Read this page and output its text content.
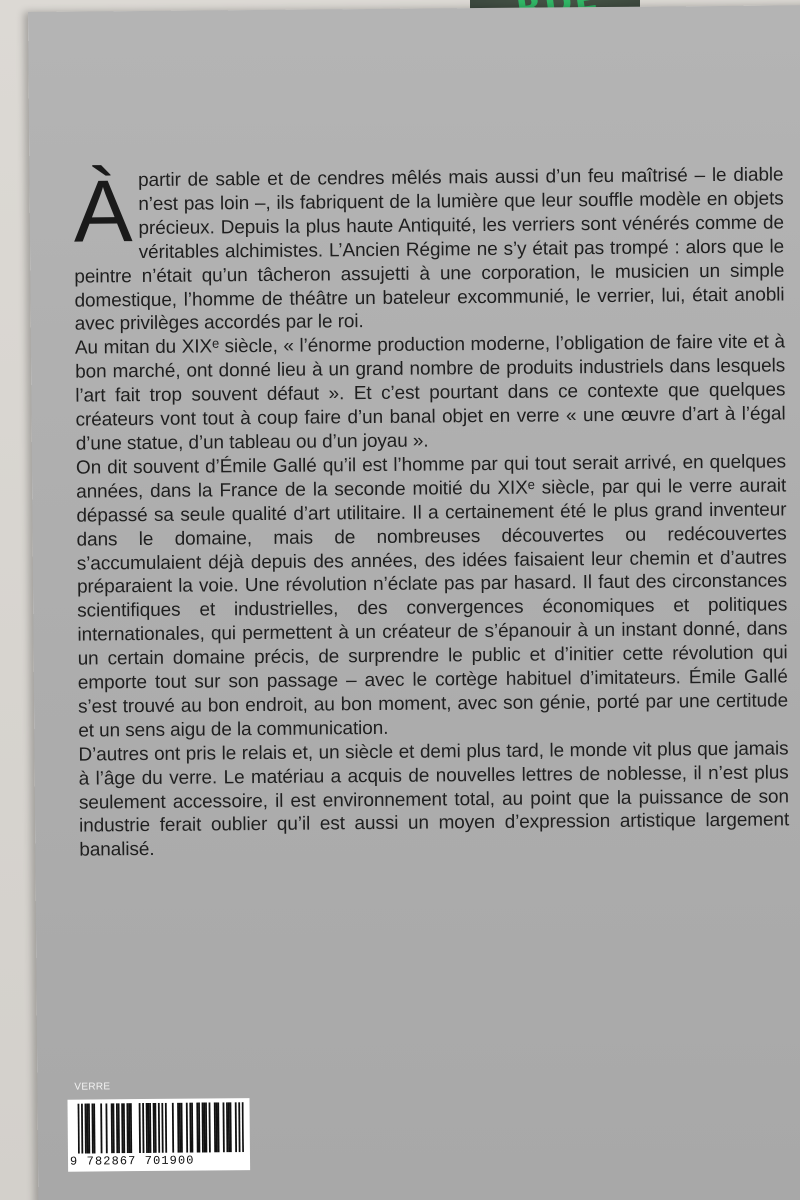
À partir de sable et de cendres mêlés mais aussi d’un feu maîtrisé – le diable n’est pas loin –, ils fabriquent de la lumière que leur souffle modèle en objets précieux. Depuis la plus haute Antiquité, les verriers sont vénérés comme de véritables alchimistes. L’Ancien Régime ne s’y était pas trompé : alors que le peintre n’était qu’un tâcheron assujetti à une corporation, le musicien un simple domestique, l’homme de théâtre un bateleur excommunié, le verrier, lui, était anobli avec privilèges accordés par le roi.

Au mitan du XIXᵉ siècle, « l’énorme production moderne, l’obligation de faire vite et à bon marché, ont donné lieu à un grand nombre de produits industriels dans lesquels l’art fait trop souvent défaut ». Et c’est pourtant dans ce contexte que quelques créateurs vont tout à coup faire d’un banal objet en verre « une œuvre d’art à l’égal d’une statue, d’un tableau ou d’un joyau ».

On dit souvent d’Émile Gallé qu’il est l’homme par qui tout serait arrivé, en quelques années, dans la France de la seconde moitié du XIXᵉ siècle, par qui le verre aurait dépassé sa seule qualité d’art utilitaire. Il a certainement été le plus grand inventeur dans le domaine, mais de nombreuses découvertes ou redécouvertes s’accumulaient déjà depuis des années, des idées faisaient leur chemin et d’autres préparaient la voie. Une révolution n’éclate pas par hasard. Il faut des circonstances scientifiques et industrielles, des convergences économiques et politiques internationales, qui permettent à un créateur de s’épanouir à un instant donné, dans un certain domaine précis, de surprendre le public et d’initier cette révolution qui emporte tout sur son passage – avec le cortège habituel d’imitateurs. Émile Gallé s’est trouvé au bon endroit, au bon moment, avec son génie, porté par une certitude et un sens aigu de la communication.

D’autres ont pris le relais et, un siècle et demi plus tard, le monde vit plus que jamais à l’âge du verre. Le matériau a acquis de nouvelles lettres de noblesse, il n’est plus seulement accessoire, il est environnement total, au point que la puissance de son industrie ferait oublier qu’il est aussi un moyen d’expression artistique largement banalisé.

VERRE
9 782867 701900
